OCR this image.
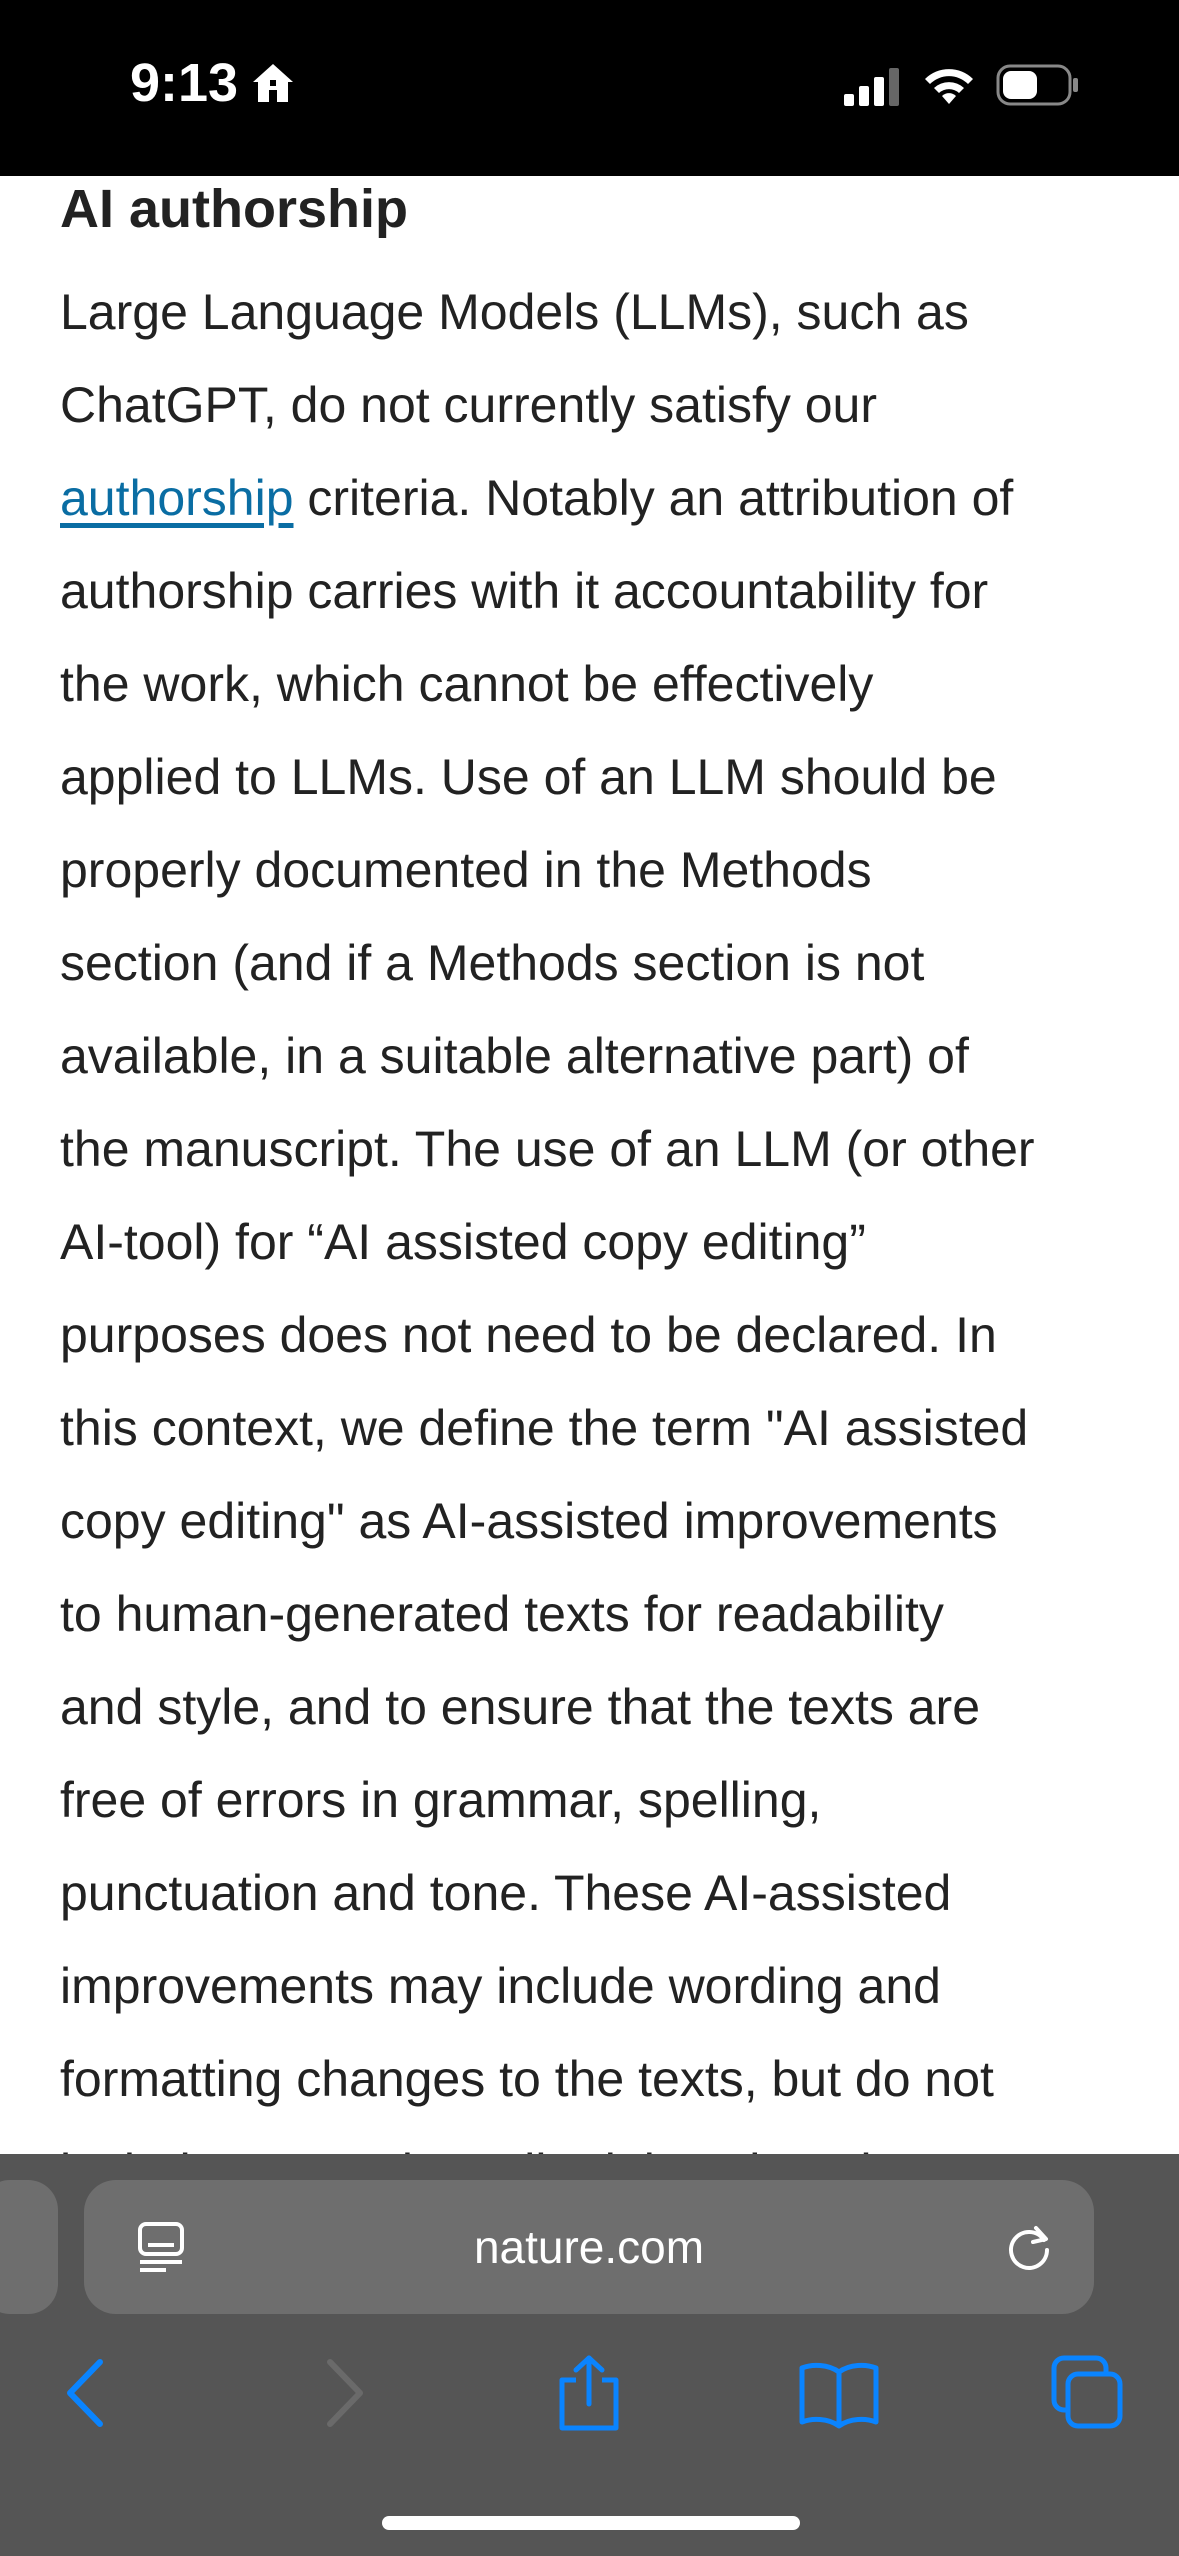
9:13
AI authorship
Large Language Models (LLMs), such as
ChatGPT, do not currently satisfy our
authorship criteria. Notably an attribution of
authorship carries with it accountability for
the work, which cannot be effectively
applied to LLMs. Use of an LLM should be
properly documented in the Methods
section (and if a Methods section is not
available, in a suitable alternative part) of
the manuscript. The use of an LLM (or other
AI-tool) for “AI assisted copy editing”
purposes does not need to be declared. In
this context, we define the term "AI assisted
copy editing" as AI-assisted improvements
to human-generated texts for readability
and style, and to ensure that the texts are
free of errors in grammar, spelling,
punctuation and tone. These AI-assisted
improvements may include wording and
formatting changes to the texts, but do not
nature.com
